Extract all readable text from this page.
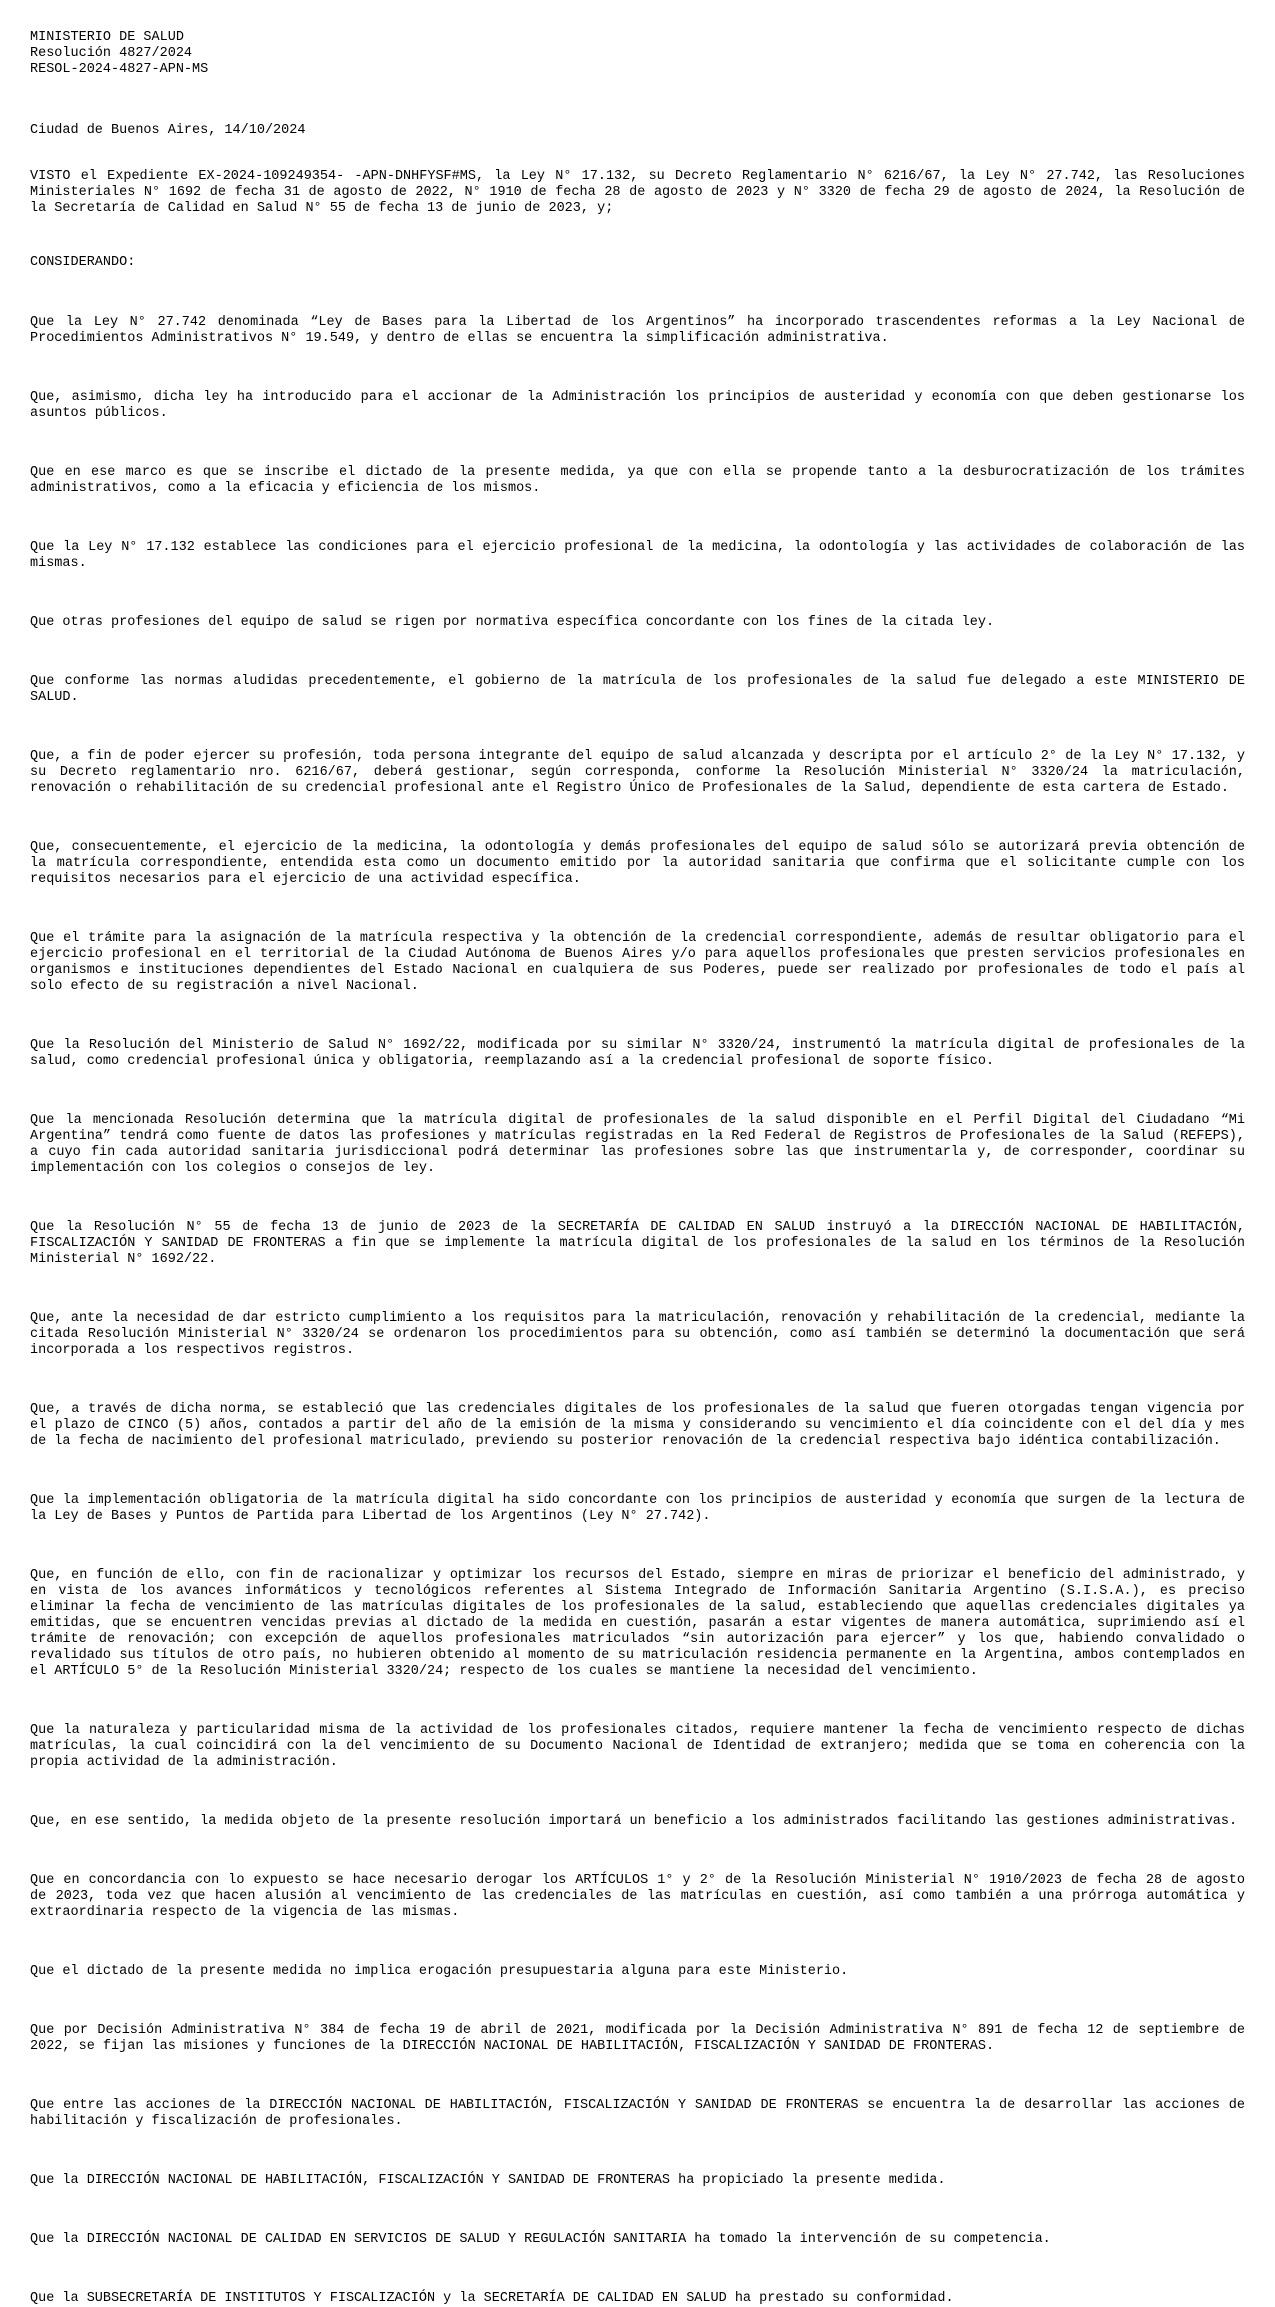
MINISTERIO DE SALUD
Resolución 4827/2024
RESOL-2024-4827-APN-MS
Ciudad de Buenos Aires, 14/10/2024
VISTO el Expediente EX-2024-109249354- -APN-DNHFYSF#MS, la Ley N° 17.132, su Decreto Reglamentario N° 6216/67, la Ley N° 27.742, las Resoluciones Ministeriales N° 1692 de fecha 31 de agosto de 2022, N° 1910 de fecha 28 de agosto de 2023 y N° 3320 de fecha 29 de agosto de 2024, la Resolución de la Secretaría de Calidad en Salud N° 55 de fecha 13 de junio de 2023, y;
CONSIDERANDO:
Que la Ley N° 27.742 denominada “Ley de Bases para la Libertad de los Argentinos” ha incorporado trascendentes reformas a la Ley Nacional de Procedimientos Administrativos N° 19.549, y dentro de ellas se encuentra la simplificación administrativa.
Que, asimismo, dicha ley ha introducido para el accionar de la Administración los principios de austeridad y economía con que deben gestionarse los asuntos públicos.
Que en ese marco es que se inscribe el dictado de la presente medida, ya que con ella se propende tanto a la desburocratización de los trámites administrativos, como a la eficacia y eficiencia de los mismos.
Que la Ley N° 17.132 establece las condiciones para el ejercicio profesional de la medicina, la odontología y las actividades de colaboración de las mismas.
Que otras profesiones del equipo de salud se rigen por normativa específica concordante con los fines de la citada ley.
Que conforme las normas aludidas precedentemente, el gobierno de la matrícula de los profesionales de la salud fue delegado a este MINISTERIO DE SALUD.
Que, a fin de poder ejercer su profesión, toda persona integrante del equipo de salud alcanzada y descripta por el artículo 2° de la Ley N° 17.132, y su Decreto reglamentario nro. 6216/67, deberá gestionar, según corresponda, conforme la Resolución Ministerial N° 3320/24 la matriculación, renovación o rehabilitación de su credencial profesional ante el Registro Único de Profesionales de la Salud, dependiente de esta cartera de Estado.
Que, consecuentemente, el ejercicio de la medicina, la odontología y demás profesionales del equipo de salud sólo se autorizará previa obtención de la matrícula correspondiente, entendida esta como un documento emitido por la autoridad sanitaria que confirma que el solicitante cumple con los requisitos necesarios para el ejercicio de una actividad específica.
Que el trámite para la asignación de la matrícula respectiva y la obtención de la credencial correspondiente, además de resultar obligatorio para el ejercicio profesional en el territorial de la Ciudad Autónoma de Buenos Aires y/o para aquellos profesionales que presten servicios profesionales en organismos e instituciones dependientes del Estado Nacional en cualquiera de sus Poderes, puede ser realizado por profesionales de todo el país al solo efecto de su registración a nivel Nacional.
Que la Resolución del Ministerio de Salud N° 1692/22, modificada por su similar N° 3320/24, instrumentó la matrícula digital de profesionales de la salud, como credencial profesional única y obligatoria, reemplazando así a la credencial profesional de soporte físico.
Que la mencionada Resolución determina que la matrícula digital de profesionales de la salud disponible en el Perfil Digital del Ciudadano “Mi Argentina” tendrá como fuente de datos las profesiones y matrículas registradas en la Red Federal de Registros de Profesionales de la Salud (REFEPS), a cuyo fin cada autoridad sanitaria jurisdiccional podrá determinar las profesiones sobre las que instrumentarla y, de corresponder, coordinar su implementación con los colegios o consejos de ley.
Que la Resolución N° 55 de fecha 13 de junio de 2023 de la SECRETARÍA DE CALIDAD EN SALUD instruyó a la DIRECCIÓN NACIONAL DE HABILITACIÓN, FISCALIZACIÓN Y SANIDAD DE FRONTERAS a fin que se implemente la matrícula digital de los profesionales de la salud en los términos de la Resolución Ministerial N° 1692/22.
Que, ante la necesidad de dar estricto cumplimiento a los requisitos para la matriculación, renovación y rehabilitación de la credencial, mediante la citada Resolución Ministerial N° 3320/24 se ordenaron los procedimientos para su obtención, como así también se determinó la documentación que será incorporada a los respectivos registros.
Que, a través de dicha norma, se estableció que las credenciales digitales de los profesionales de la salud que fueren otorgadas tengan vigencia por el plazo de CINCO (5) años, contados a partir del año de la emisión de la misma y considerando su vencimiento el día coincidente con el del día y mes de la fecha de nacimiento del profesional matriculado, previendo su posterior renovación de la credencial respectiva bajo idéntica contabilización.
Que la implementación obligatoria de la matrícula digital ha sido concordante con los principios de austeridad y economía que surgen de la lectura de la Ley de Bases y Puntos de Partida para Libertad de los Argentinos (Ley N° 27.742).
Que, en función de ello, con fin de racionalizar y optimizar los recursos del Estado, siempre en miras de priorizar el beneficio del administrado, y en vista de los avances informáticos y tecnológicos referentes al Sistema Integrado de Información Sanitaria Argentino (S.I.S.A.), es preciso eliminar la fecha de vencimiento de las matrículas digitales de los profesionales de la salud, estableciendo que aquellas credenciales digitales ya emitidas, que se encuentren vencidas previas al dictado de la medida en cuestión, pasarán a estar vigentes de manera automática, suprimiendo así el trámite de renovación; con excepción de aquellos profesionales matriculados “sin autorización para ejercer” y los que, habiendo convalidado o revalidado sus títulos de otro país, no hubieren obtenido al momento de su matriculación residencia permanente en la Argentina, ambos contemplados en el ARTÍCULO 5° de la Resolución Ministerial 3320/24; respecto de los cuales se mantiene la necesidad del vencimiento.
Que la naturaleza y particularidad misma de la actividad de los profesionales citados, requiere mantener la fecha de vencimiento respecto de dichas matrículas, la cual coincidirá con la del vencimiento de su Documento Nacional de Identidad de extranjero; medida que se toma en coherencia con la propia actividad de la administración.
Que, en ese sentido, la medida objeto de la presente resolución importará un beneficio a los administrados facilitando las gestiones administrativas.
Que en concordancia con lo expuesto se hace necesario derogar los ARTÍCULOS 1° y 2° de la Resolución Ministerial N° 1910/2023 de fecha 28 de agosto de 2023, toda vez que hacen alusión al vencimiento de las credenciales de las matrículas en cuestión, así como también a una prórroga automática y extraordinaria respecto de la vigencia de las mismas.
Que el dictado de la presente medida no implica erogación presupuestaria alguna para este Ministerio.
Que por Decisión Administrativa N° 384 de fecha 19 de abril de 2021, modificada por la Decisión Administrativa N° 891 de fecha 12 de septiembre de 2022, se fijan las misiones y funciones de la DIRECCIÓN NACIONAL DE HABILITACIÓN, FISCALIZACIÓN Y SANIDAD DE FRONTERAS.
Que entre las acciones de la DIRECCIÓN NACIONAL DE HABILITACIÓN, FISCALIZACIÓN Y SANIDAD DE FRONTERAS se encuentra la de desarrollar las acciones de habilitación y fiscalización de profesionales.
Que la DIRECCIÓN NACIONAL DE HABILITACIÓN, FISCALIZACIÓN Y SANIDAD DE FRONTERAS ha propiciado la presente medida.
Que la DIRECCIÓN NACIONAL DE CALIDAD EN SERVICIOS DE SALUD Y REGULACIÓN SANITARIA ha tomado la intervención de su competencia.
Que la SUBSECRETARÍA DE INSTITUTOS Y FISCALIZACIÓN y la SECRETARÍA DE CALIDAD EN SALUD ha prestado su conformidad.
